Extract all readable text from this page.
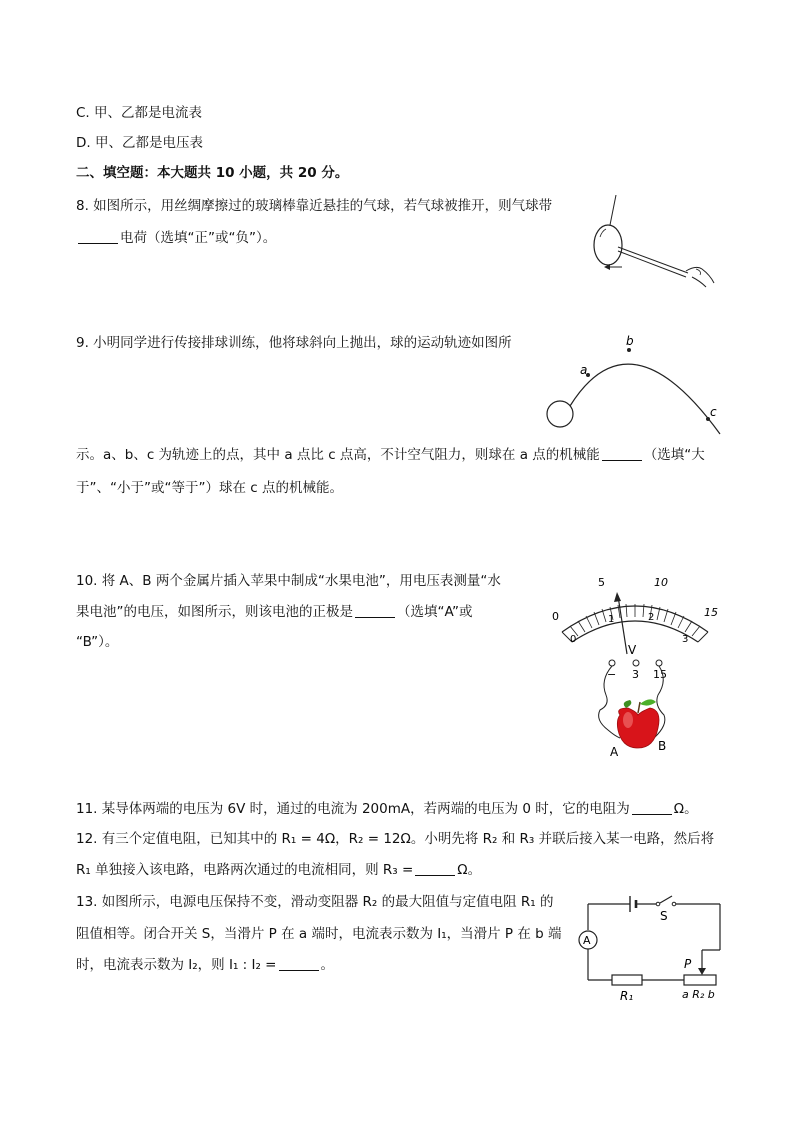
C. 甲、乙都是电流表
D. 甲、乙都是电压表
二、填空题：本大题共 10 小题，共 20 分。
8. 如图所示，用丝绸摩擦过的玻璃棒靠近悬挂的气球，若气球被推开，则气球带
电荷（选填“正”或“负”）。
9. 小明同学进行传接排球训练，他将球斜向上抛出，球的运动轨迹如图所
a
b
c
示。a、b、c 为轨迹上的点，其中 a 点比 c 点高，不计空气阻力，则球在 a 点的机械能	（选填“大
于”、“小于”或“等于”）球在 c 点的机械能。
10. 将 A、B 两个金属片插入苹果中制成“水果电池”，用电压表测量“水
果电池”的电压，如图所示，则该电池的正极是	（选填“A”或
“B”）。
0
5	10
15
0
1	2
3
V
− 3 15
A	B
11. 某导体两端的电压为 6V 时，通过的电流为 200mA，若两端的电压为 0 时，它的电阻为	Ω。
12. 有三个定值电阻，已知其中的 R₁ = 4Ω，R₂ = 12Ω。小明先将 R₂ 和 R₃ 并联后接入某一电路，然后将
R₁ 单独接入该电路，电路两次通过的电流相同，则 R₃ =	Ω。
13. 如图所示，电源电压保持不变，滑动变阻器 R₂ 的最大阻值与定值电阻 R₁ 的
阻值相等。闭合开关 S，当滑片 P 在 a 端时，电流表示数为 I₁，当滑片 P 在 b 端
时，电流表示数为 I₂，则 I₁ : I₂ =	。
S
A
R₁
P
a R₂ b
